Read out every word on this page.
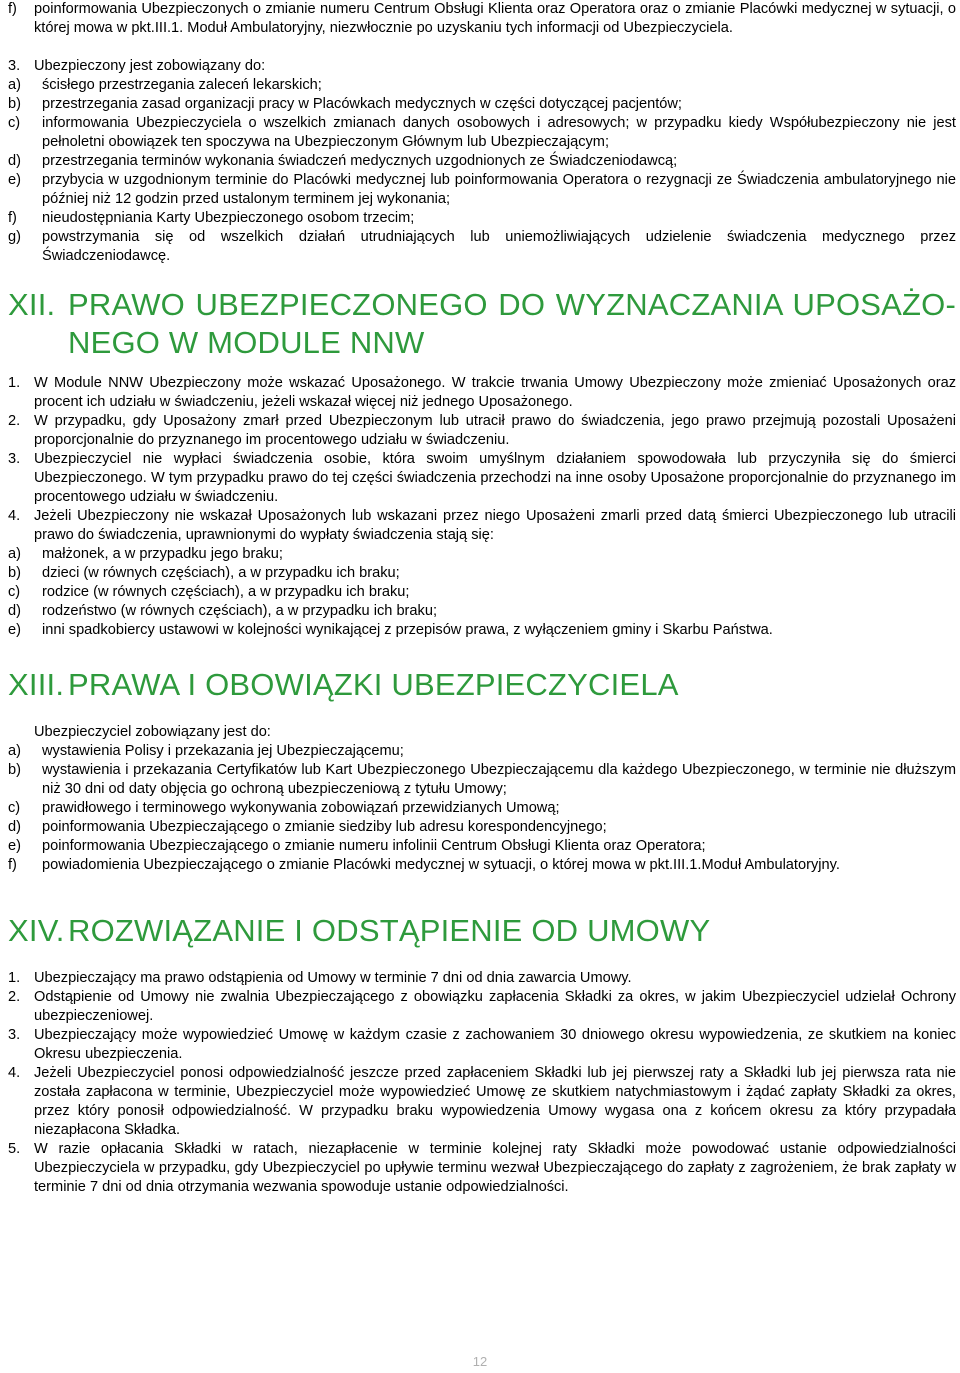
f)	poinformowania Ubezpieczonych o zmianie numeru Centrum Obsługi Klienta oraz Operatora oraz o zmianie Placówki medycznej w sytuacji, o której mowa w pkt.III.1. Moduł Ambulatoryjny, niezwłocznie po uzyskaniu tych informacji od Ubezpieczyciela.
3. Ubezpieczony jest zobowiązany do:
a)	ścisłego przestrzegania zaleceń lekarskich;
b)	przestrzegania zasad organizacji pracy w Placówkach medycznych w części dotyczącej pacjentów;
c)	informowania Ubezpieczyciela o wszelkich zmianach danych osobowych i adresowych; w przypadku kiedy Współubezpieczony nie jest pełnoletni obowiązek ten spoczywa na Ubezpieczonym Głównym lub Ubezpieczającym;
d)	przestrzegania terminów wykonania świadczeń medycznych uzgodnionych ze Świadczeniodawcą;
e)	przybycia w uzgodnionym terminie do Placówki medycznej lub poinformowania Operatora o rezygnacji ze Świadczenia ambulatoryjnego nie później niż 12 godzin przed ustalonym terminem jej wykonania;
f)	nieudostępniania Karty Ubezpieczonego osobom trzecim;
g)	powstrzymania się od wszelkich działań utrudniających lub uniemożliwiających udzielenie świadczenia medycznego przez Świadczeniodawcę.
XII. PRAWO UBEZPIECZONEGO DO WYZNACZANIA UPOSAŻO-NEGO W MODULE NNW
1. W Module NNW Ubezpieczony może wskazać Uposażonego. W trakcie trwania Umowy Ubezpieczony może zmieniać Uposażonych oraz procent ich udziału w świadczeniu, jeżeli wskazał więcej niż jednego Uposażonego.
2. W przypadku, gdy Uposażony zmarł przed Ubezpieczonym lub utracił prawo do świadczenia, jego prawo przejmują pozostali Uposażeni proporcjonalnie do przyznanego im procentowego udziału w świadczeniu.
3. Ubezpieczyciel nie wypłaci świadczenia osobie, która swoim umyślnym działaniem spowodowała lub przyczyniła się do śmierci Ubezpieczonego. W tym przypadku prawo do tej części świadczenia przechodzi na inne osoby Uposażone proporcjonalnie do przyznanego im procentowego udziału w świadczeniu.
4. Jeżeli Ubezpieczony nie wskazał Uposażonych lub wskazani przez niego Uposażeni zmarli przed datą śmierci Ubezpieczonego lub utracili prawo do świadczenia, uprawnionymi do wypłaty świadczenia stają się:
a)	małżonek, a w przypadku jego braku;
b)	dzieci (w równych częściach), a w przypadku ich braku;
c)	rodzice (w równych częściach), a w przypadku ich braku;
d)	rodzeństwo (w równych częściach), a w przypadku ich braku;
e)	inni spadkobiercy ustawowi w kolejności wynikającej z przepisów prawa, z wyłączeniem gminy i Skarbu Państwa.
XIII. PRAWA I OBOWIĄZKI UBEZPIECZYCIELA
Ubezpieczyciel zobowiązany jest do:
a)	wystawienia Polisy i przekazania jej Ubezpieczającemu;
b)	wystawienia i przekazania Certyfikatów lub Kart Ubezpieczonego Ubezpieczającemu dla każdego Ubezpieczonego, w terminie nie dłuższym niż 30 dni od daty objęcia go ochroną ubezpieczeniową z tytułu Umowy;
c)	prawidłowego i terminowego wykonywania zobowiązań przewidzianych Umową;
d)	poinformowania Ubezpieczającego o zmianie siedziby lub adresu korespondencyjnego;
e)	poinformowania Ubezpieczającego o zmianie numeru infolinii Centrum Obsługi Klienta oraz Operatora;
f)	powiadomienia Ubezpieczającego o zmianie Placówki medycznej w sytuacji, o której mowa w pkt.III.1.Moduł Ambulatoryjny.
XIV. ROZWIĄZANIE I ODSTĄPIENIE OD UMOWY
1. Ubezpieczający ma prawo odstąpienia od Umowy w terminie 7 dni od dnia zawarcia Umowy.
2. Odstąpienie od Umowy nie zwalnia Ubezpieczającego z obowiązku zapłacenia Składki za okres, w jakim Ubezpieczyciel udzielał Ochrony ubezpieczeniowej.
3. Ubezpieczający może wypowiedzieć Umowę w każdym czasie z zachowaniem 30 dniowego okresu wypowiedzenia, ze skutkiem na koniec Okresu ubezpieczenia.
4. Jeżeli Ubezpieczyciel ponosi odpowiedzialność jeszcze przed zapłaceniem Składki lub jej pierwszej raty a Składki lub jej pierwsza rata nie została zapłacona w terminie, Ubezpieczyciel może wypowiedzieć Umowę ze skutkiem natychmiastowym i żądać zapłaty Składki za okres, przez który ponosił odpowiedzialność. W przypadku braku wypowiedzenia Umowy wygasa ona z końcem okresu za który przypadała niezapłacona Składka.
5. W razie opłacania Składki w ratach, niezapłacenie w terminie kolejnej raty Składki może powodować ustanie odpowiedzialności Ubezpieczyciela w przypadku, gdy Ubezpieczyciel po upływie terminu wezwał Ubezpieczającego do zapłaty z zagrożeniem, że brak zapłaty w terminie 7 dni od dnia otrzymania wezwania spowoduje ustanie odpowiedzialności.
12
